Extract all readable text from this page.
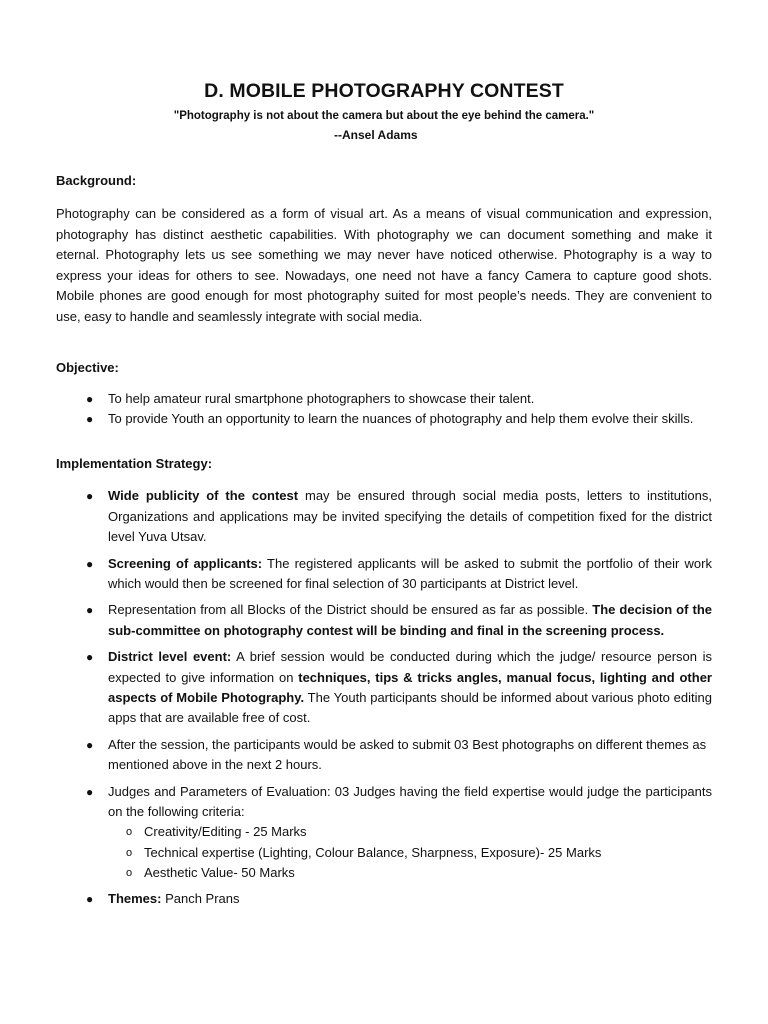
D. MOBILE PHOTOGRAPHY CONTEST
"Photography is not about the camera but about the eye behind the camera."
--Ansel Adams
Background:
Photography can be considered as a form of visual art. As a means of visual communication and expression, photography has distinct aesthetic capabilities. With photography we can document something and make it eternal. Photography lets us see something we may never have noticed otherwise. Photography is a way to express your ideas for others to see. Nowadays, one need not have a fancy Camera to capture good shots. Mobile phones are good enough for most photography suited for most people’s needs. They are convenient to use, easy to handle and seamlessly integrate with social media.
Objective:
● To help amateur rural smartphone photographers to showcase their talent.
● To provide Youth an opportunity to learn the nuances of photography and help them evolve their skills.
Implementation Strategy:
● Wide publicity of the contest may be ensured through social media posts, letters to institutions, Organizations and applications may be invited specifying the details of competition fixed for the district level Yuva Utsav.
● Screening of applicants: The registered applicants will be asked to submit the portfolio of their work which would then be screened for final selection of 30 participants at District level.
● Representation from all Blocks of the District should be ensured as far as possible. The decision of the sub-committee on photography contest will be binding and final in the screening process.
● District level event: A brief session would be conducted during which the judge/ resource person is expected to give information on techniques, tips & tricks angles, manual focus, lighting and other aspects of Mobile Photography. The Youth participants should be informed about various photo editing apps that are available free of cost.
● After the session, the participants would be asked to submit 03 Best photographs on different themes as mentioned above in the next 2 hours.
● Judges and Parameters of Evaluation: 03 Judges having the field expertise would judge the participants on the following criteria:
o Creativity/Editing - 25 Marks
o Technical expertise (Lighting, Colour Balance, Sharpness, Exposure)- 25 Marks
o Aesthetic Value- 50 Marks
● Themes: Panch Prans
